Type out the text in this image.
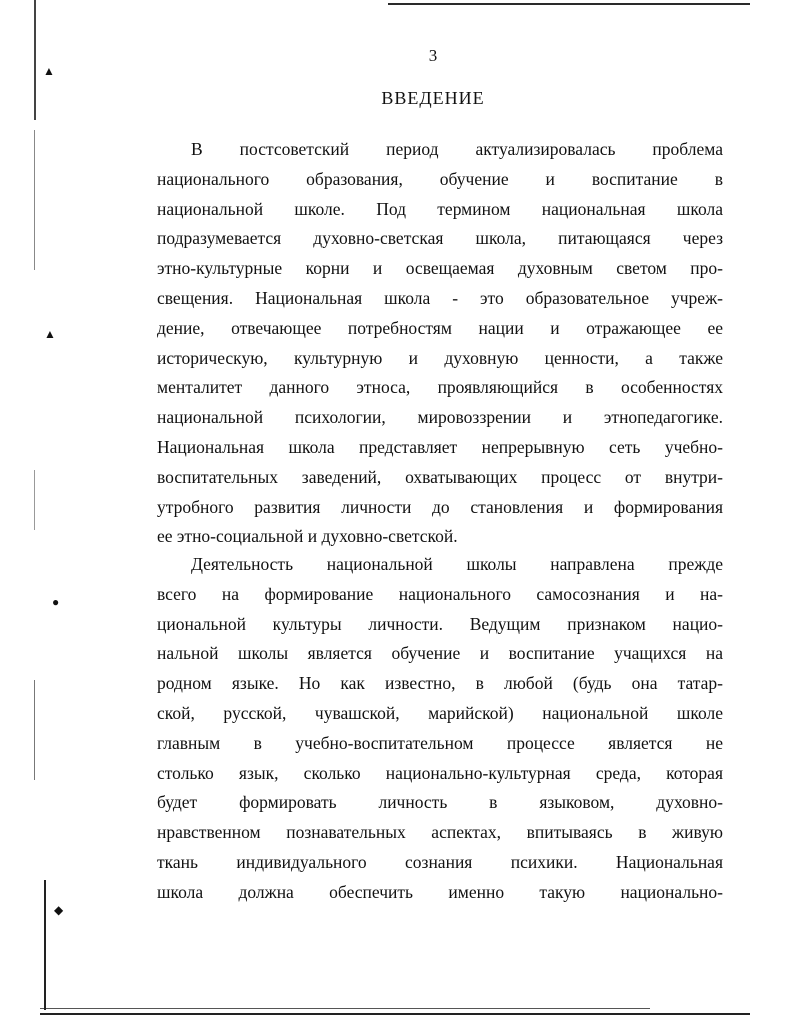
▲
▲
●
◆
3
ВВЕДЕНИЕ
В постсоветский период актуализировалась проблема
национального образования, обучение и воспитание в
национальной школе. Под термином национальная школа
подразумевается духовно-светская школа, питающаяся через
этно-культурные корни и освещаемая духовным светом про-
свещения. Национальная школа - это образовательное учреж-
дение, отвечающее потребностям нации и отражающее ее
историческую, культурную и духовную ценности, а также
менталитет данного этноса, проявляющийся в особенностях
национальной психологии, мировоззрении и этнопедагогике.
Национальная школа представляет непрерывную сеть учебно-
воспитательных заведений, охватывающих процесс от внутри-
утробного развития личности до становления и формирования
ее этно-социальной и духовно-светской.
Деятельность национальной школы направлена прежде
всего на формирование национального самосознания и на-
циональной культуры личности. Ведущим признаком нацио-
нальной школы является обучение и воспитание учащихся на
родном языке. Но как известно, в любой (будь она татар-
ской, русской, чувашской, марийской) национальной школе
главным в учебно-воспитательном процессе является не
столько язык, сколько национально-культурная среда, которая
будет формировать личность в языковом, духовно-
нравственном познавательных аспектах, впитываясь в живую
ткань индивидуального сознания психики. Национальная
школа должна обеспечить именно такую национально-
